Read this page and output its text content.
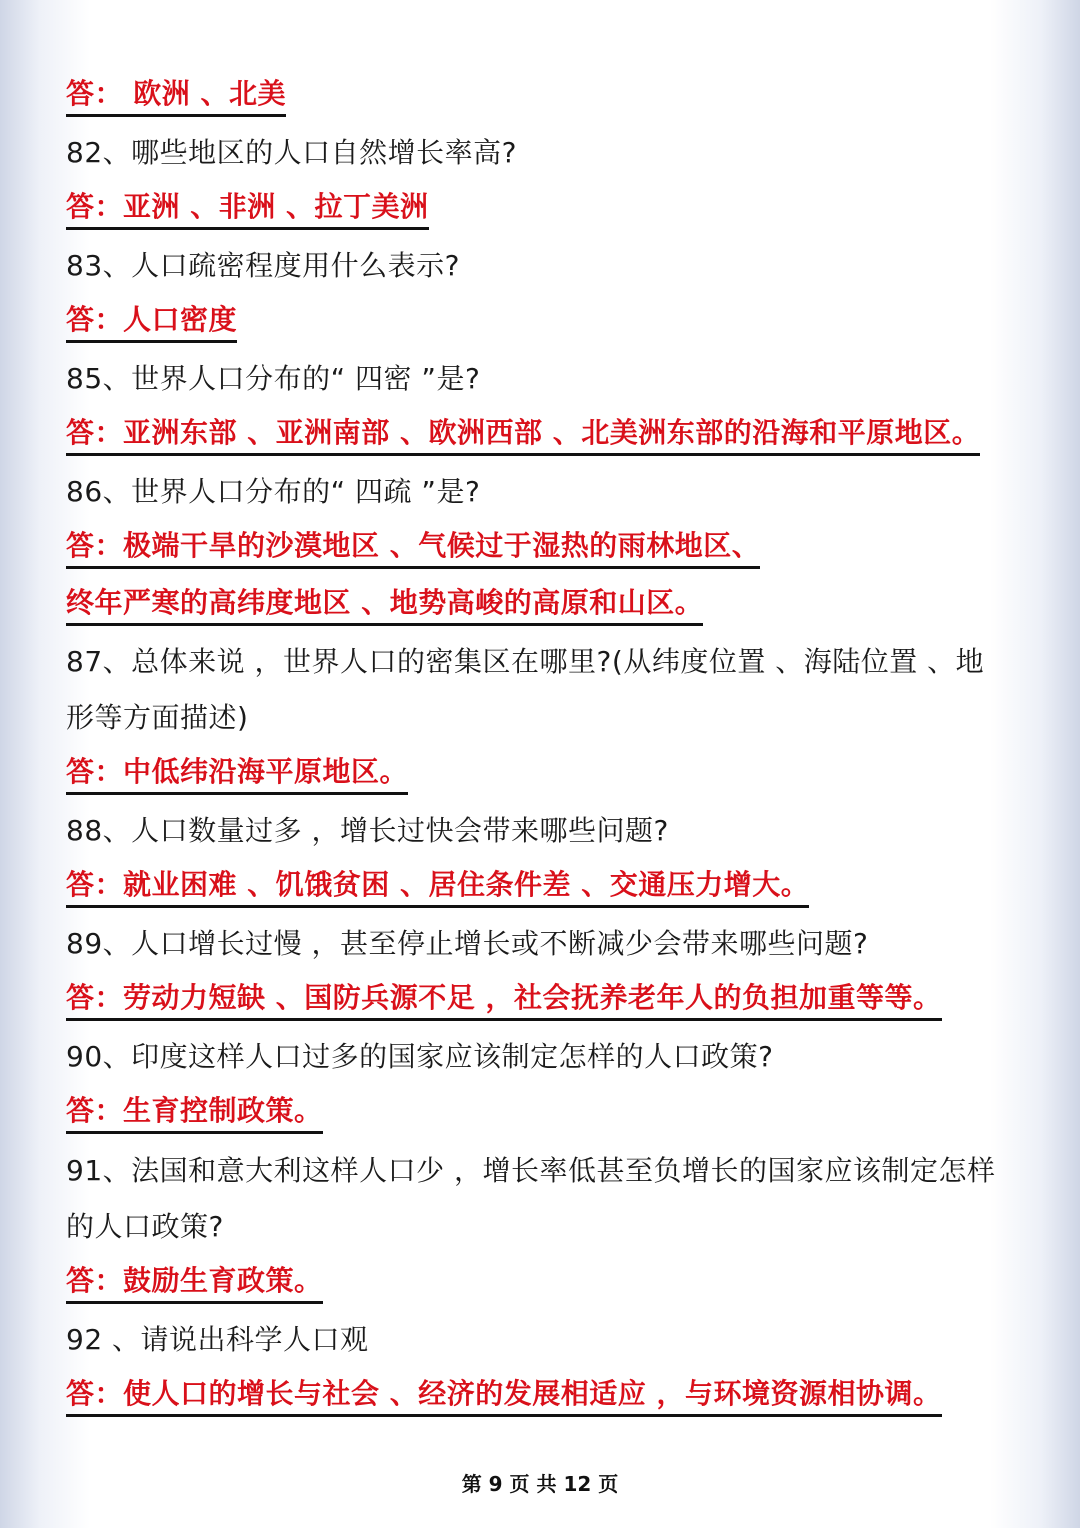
答： 欧洲 、北美
82、哪些地区的人口自然增长率高?
答：亚洲 、非洲 、拉丁美洲
83、人口疏密程度用什么表示?
答：人口密度
85、世界人口分布的“ 四密 ”是?
答：亚洲东部 、亚洲南部 、欧洲西部 、北美洲东部的沿海和平原地区。
86、世界人口分布的“ 四疏 ”是?
答：极端干旱的沙漠地区 、气候过于湿热的雨林地区、
终年严寒的高纬度地区 、地势高峻的高原和山区。
87、总体来说 ，世界人口的密集区在哪里?(从纬度位置 、海陆位置 、地
形等方面描述)
答：中低纬沿海平原地区。
88、人口数量过多 ，增长过快会带来哪些问题?
答：就业困难 、饥饿贫困 、居住条件差 、交通压力增大。
89、人口增长过慢 ，甚至停止增长或不断减少会带来哪些问题?
答：劳动力短缺 、国防兵源不足 ，社会抚养老年人的负担加重等等。
90、印度这样人口过多的国家应该制定怎样的人口政策?
答：生育控制政策。
91、法国和意大利这样人口少 ，增长率低甚至负增长的国家应该制定怎样
的人口政策?
答：鼓励生育政策。
92 、请说出科学人口观
答：使人口的增长与社会 、经济的发展相适应 ，与环境资源相协调。
第 9 页 共 12 页
